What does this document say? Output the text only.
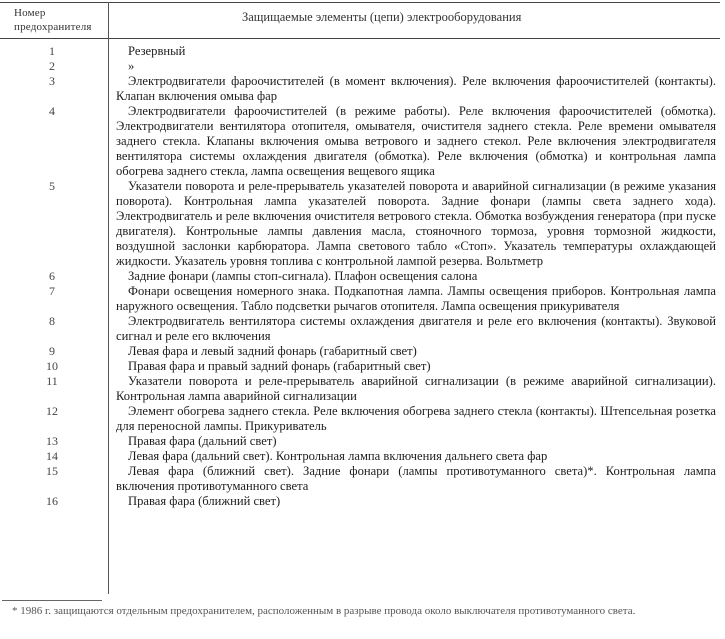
Номер предохранителя
Защищаемые элементы (цепи) электрооборудования
1	Резервный
2	»
3	Электродвигатели фароочистителей (в момент включения). Реле включения фароочистителей (контакты). Клапан включения омыва фар
4	Электродвигатели фароочистителей (в режиме работы). Реле включения фароочистителей (обмотка). Электродвигатели вентилятора отопителя, омывателя, очистителя заднего стекла. Реле времени омывателя заднего стекла. Клапаны включения омыва ветрового и заднего стекол. Реле включения электродвигателя вентилятора системы охлаждения двигателя (обмотка). Реле включения (обмотка) и контрольная лампа обогрева заднего стекла, лампа освещения вещевого ящика
5	Указатели поворота и реле-прерыватель указателей поворота и аварийной сигнализации (в режиме указания поворота). Контрольная лампа указателей поворота. Задние фонари (лампы света заднего хода). Электродвигатель и реле включения очистителя ветрового стекла. Обмотка возбуждения генератора (при пуске двигателя). Контрольные лампы давления масла, стояночного тормоза, уровня тормозной жидкости, воздушной заслонки карбюратора. Лампа светового табло «Стоп». Указатель температуры охлаждающей жидкости. Указатель уровня топлива с контрольной лампой резерва. Вольтметр
6	Задние фонари (лампы стоп-сигнала). Плафон освещения салона
7	Фонари освещения номерного знака. Подкапотная лампа. Лампы освещения приборов. Контрольная лампа наружного освещения. Табло подсветки рычагов отопителя. Лампа освещения прикуривателя
8	Электродвигатель вентилятора системы охлаждения двигателя и реле его включения (контакты). Звуковой сигнал и реле его включения
9	Левая фара и левый задний фонарь (габаритный свет)
10	Правая фара и правый задний фонарь (габаритный свет)
11	Указатели поворота и реле-прерыватель аварийной сигнализации (в режиме аварийной сигнализации). Контрольная лампа аварийной сигнализации
12	Элемент обогрева заднего стекла. Реле включения обогрева заднего стекла (контакты). Штепсельная розетка для переносной лампы. Прикуриватель
13	Правая фара (дальний свет)
14	Левая фара (дальний свет). Контрольная лампа включения дальнего света фар
15	Левая фара (ближний свет). Задние фонари (лампы противотуманного света)*. Контрольная лампа включения противотуманного света
16	Правая фара (ближний свет)
* 1986 г. защищаются отдельным предохранителем, расположенным в разрыве провода около выключателя противотуманного света.
